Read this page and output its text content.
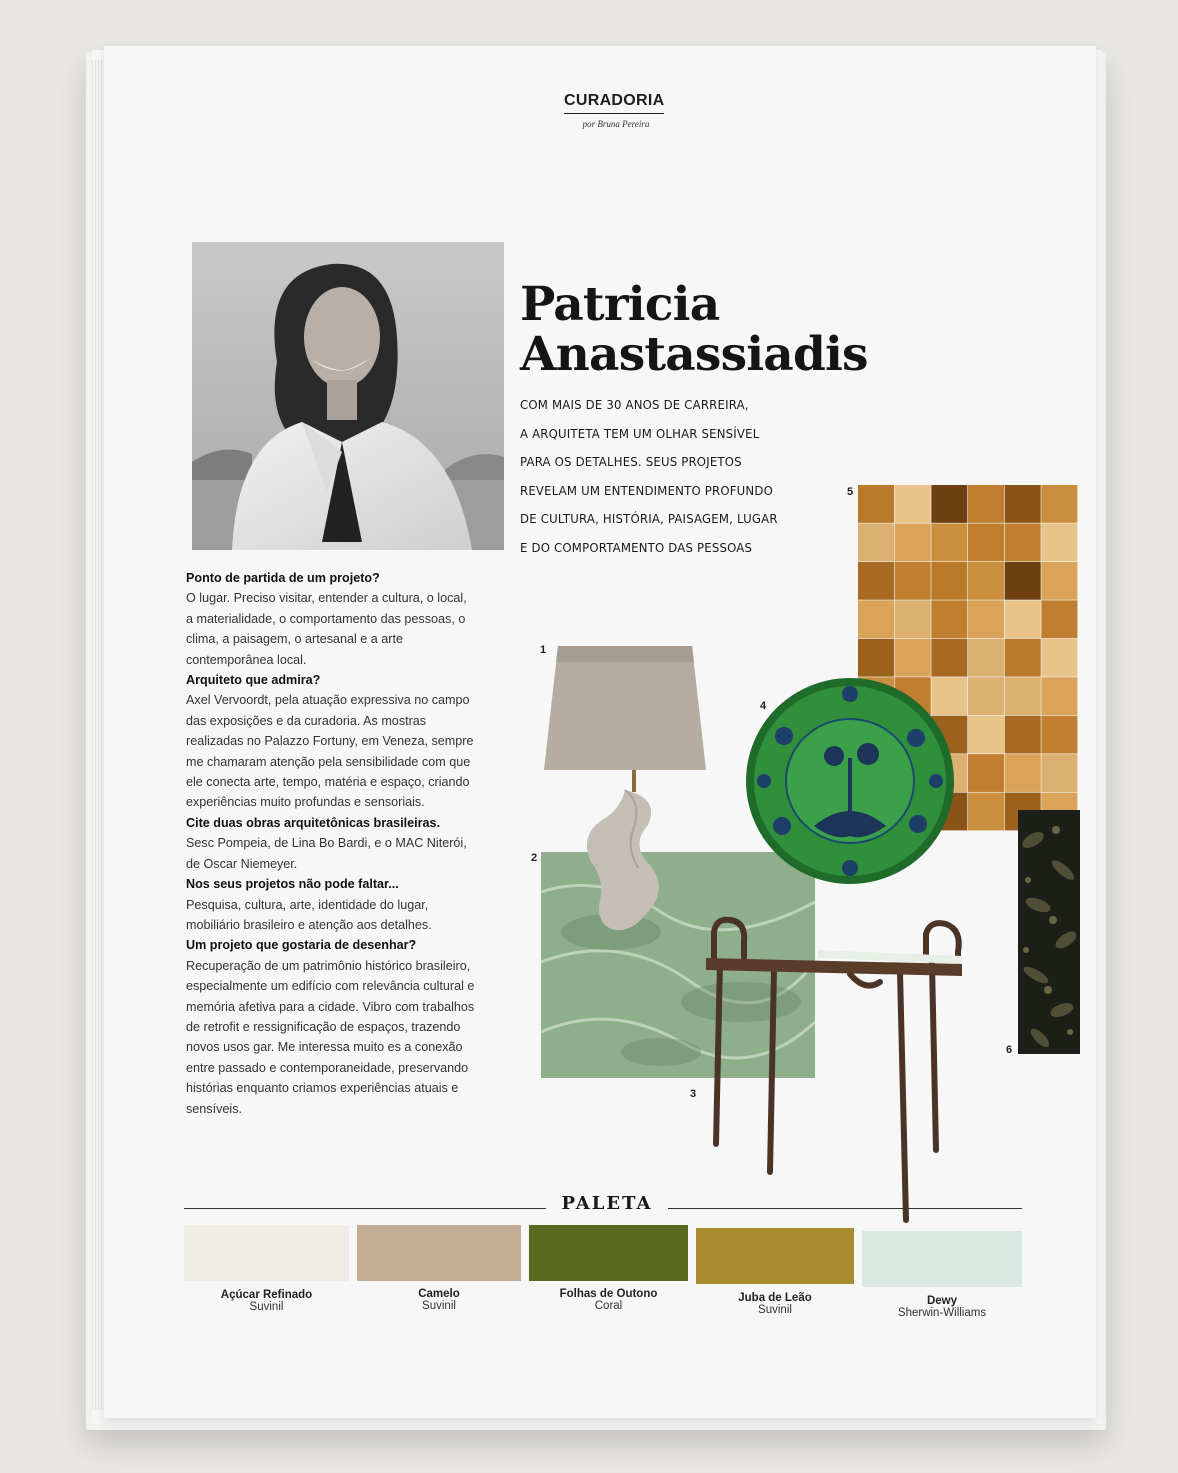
CURADORIA
por Bruna Pereira
Patricia
Anastassiadis
COM MAIS DE 30 ANOS DE CARREIRA,
A ARQUITETA TEM UM OLHAR SENSÍVEL
PARA OS DETALHES. SEUS PROJETOS
REVELAM UM ENTENDIMENTO PROFUNDO
DE CULTURA, HISTÓRIA, PAISAGEM, LUGAR
E DO COMPORTAMENTO DAS PESSOAS
Ponto de partida de um projeto?
O lugar. Preciso visitar, entender a cultura, o local, a materialidade, o comportamento das pessoas, o clima, a paisagem, o artesanal e a arte contemporânea local.
Arquiteto que admira?
Axel Vervoordt, pela atuação expressiva no campo das exposições e da curadoria. As mostras realizadas no Palazzo Fortuny, em Veneza, sempre me chamaram atenção pela sensibilidade com que ele conecta arte, tempo, matéria e espaço, criando experiências muito profundas e sensoriais.
Cite duas obras arquitetônicas brasileiras.
Sesc Pompeia, de Lina Bo Bardi, e o MAC Niterói, de Oscar Niemeyer.
Nos seus projetos não pode faltar...
Pesquisa, cultura, arte, identidade do lugar, mobiliário brasileiro e atenção aos detalhes.
Um projeto que gostaria de desenhar?
Recuperação de um patrimônio histórico brasileiro, especialmente um edifício com relevância cultural e memória afetiva para a cidade. Vibro com trabalhos de retrofit e ressignificação de espaços, trazendo novos usos gar. Me interessa muito es a conexão entre passado e contemporaneidade, preservando histórias enquanto criamos experiências atuais e sensíveis.
1
2
3
4
5
6
PALETA
Açúcar Refinado
Suvinil
Camelo
Suvinil
Folhas de Outono
Coral
Juba de Leão
Suvinil
Dewy
Sherwin-Williams
